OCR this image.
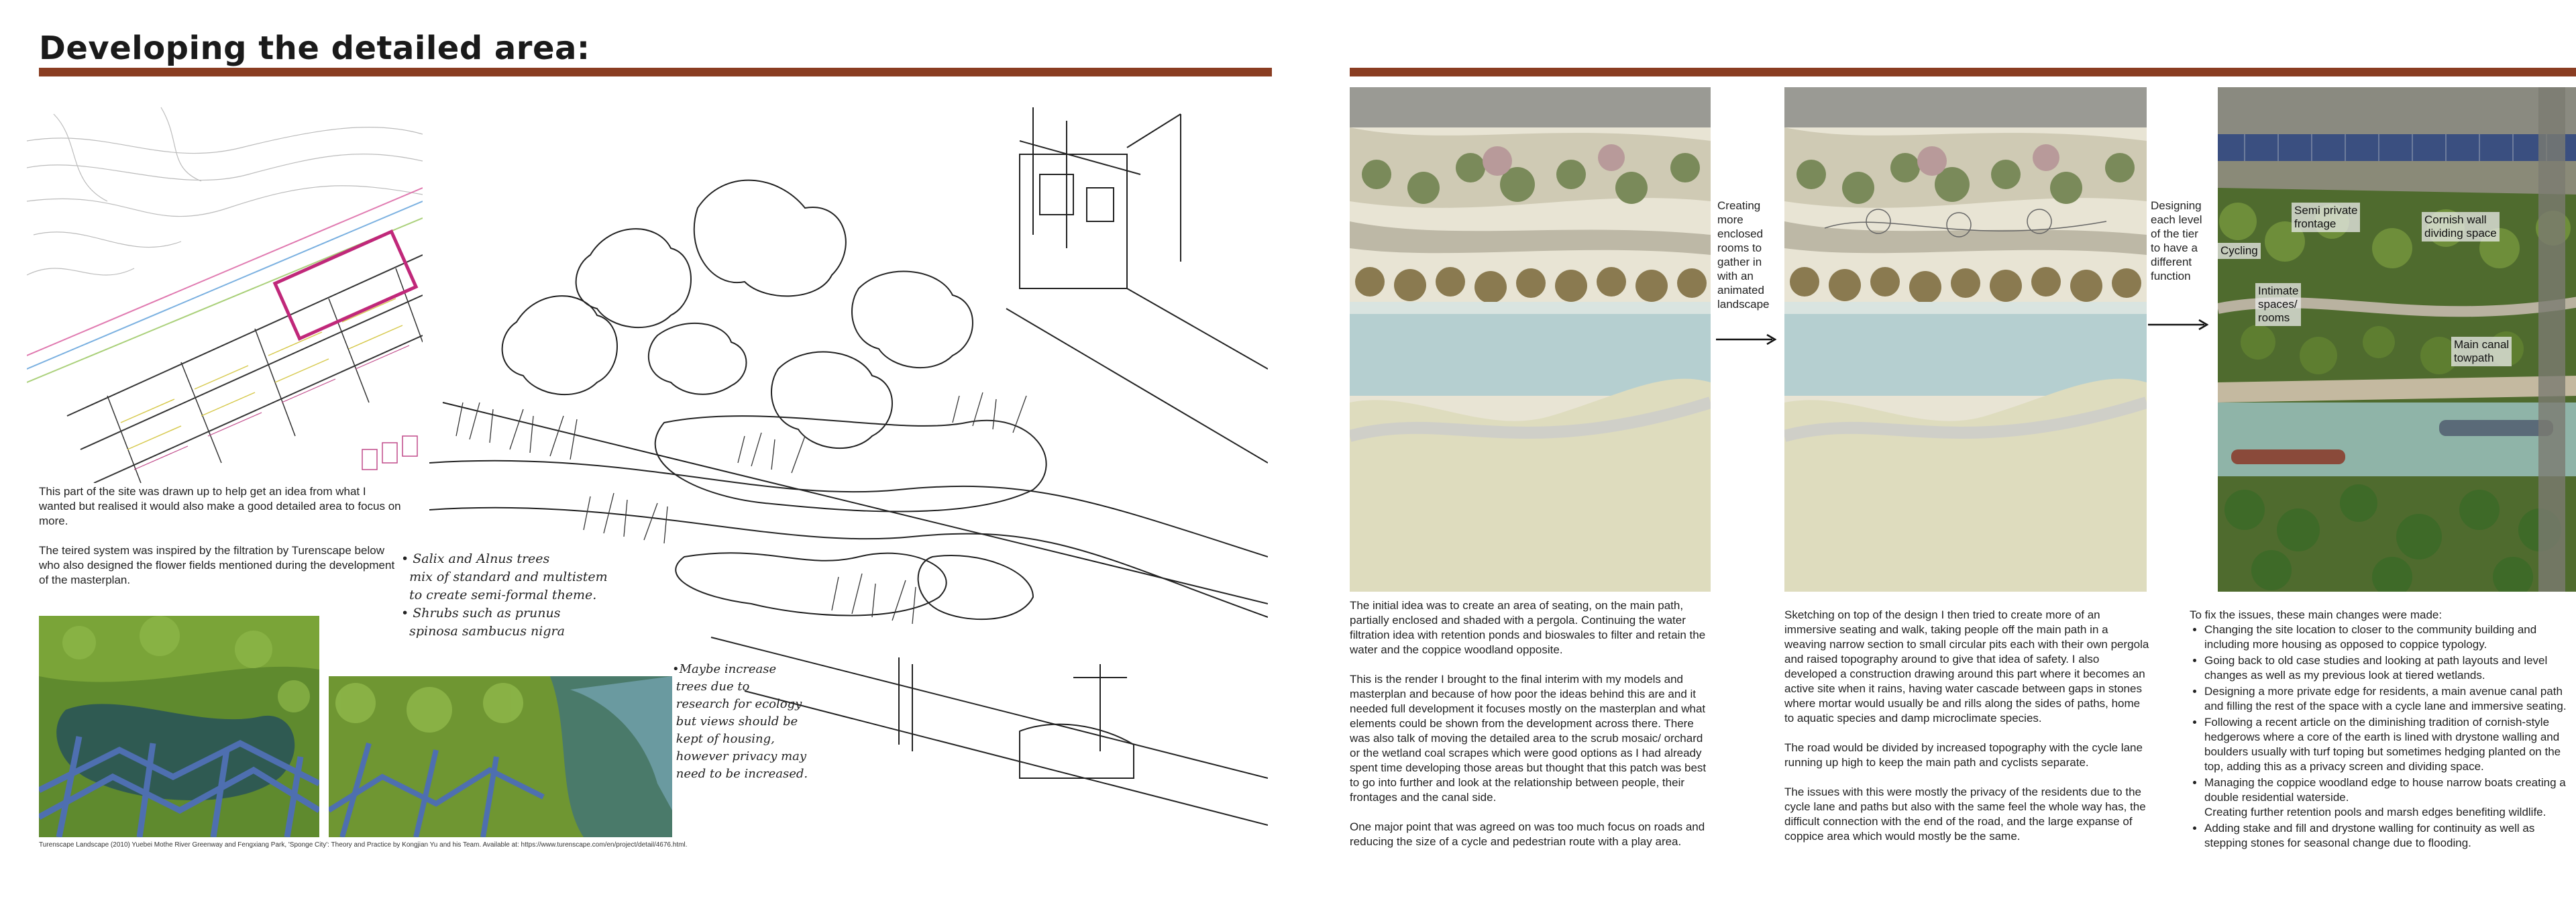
Developing the detailed area:

This part of the site was drawn up to help get an idea from what I wanted but realised it would also make a good detailed area to focus on more.

The teired system was inspired by the filtration by Turenscape below who also designed the flower fields mentioned during the development of the masterplan.

• Salix and Alnus trees
mix of standard and multistem
to create semi-formal theme.
• Shrubs such as prunus
spinosa sambucus nigra
•Maybe increase
trees due to
research for ecology
but views should be
kept of housing,
however privacy may
need to be increased.
Turenscape Landscape (2010) Yuebei Mothe River Greenway and Fengxiang Park, 'Sponge City': Theory and Practice by Kongjian Yu and his Team. Available at: https://www.turenscape.com/en/project/detail/4676.html.
Creating
more
enclosed
rooms to
gather in
with an
animated
landscape
Designing
each level
of the tier
to have a
different
function
Semi private
frontage	Cornish wall
dividing space
Cycling
Intimate
spaces/
rooms
Main canal
towpath

The initial idea was to create an area of seating, on the main path, partially enclosed and shaded with a pergola. Continuing the water filtration idea with retention ponds and bioswales to filter and retain the water and the coppice woodland opposite.

This is the render I brought to the final interim with my models and masterplan and because of how poor the ideas behind this are and it needed full development it focuses mostly on the masterplan and what elements could be shown from the development across there. There was also talk of moving the detailed area to the scrub mosaic/ orchard or the wetland coal scrapes which were good options as I had already spent time developing those areas but thought that this patch was best to go into further and look at the relationship between people, their frontages and the canal side.

One major point that was agreed on was too much focus on roads and reducing the size of a cycle and pedestrian route with a play area.

Sketching on top of the design I then tried to create more of an immersive seating and walk, taking people off the main path in a weaving narrow section to small circular pits each with their own pergola and raised topography around to give that idea of safety. I also developed a construction drawing around this part where it becomes an active site when it rains, having water cascade between gaps in stones where mortar would usually be and rills along the sides of paths, home to aquatic species and damp microclimate species.

The road would be divided by increased topography with the cycle lane running up high to keep the main path and cyclists separate.

The issues with this were mostly the privacy of the residents due to the cycle lane and paths but also with the same feel the whole way has, the difficult connection with the end of the road, and the large expanse of coppice area which would mostly be the same.

To fix the issues, these main changes were made:
• Changing the site location to closer to the community building and including more housing as opposed to coppice typology.
• Going back to old case studies and looking at path layouts and level changes as well as my previous look at tiered wetlands.
• Designing a more private edge for residents, a main avenue canal path and filling the rest of the space with a cycle lane and immersive seating.
• Following a recent article on the diminishing tradition of cornish-style hedgerows where a core of the earth is lined with drystone walling and boulders usually with turf toping but sometimes hedging planted on the top, adding this as a privacy screen and dividing space.
• Managing the coppice woodland edge to house narrow boats creating a double residential waterside.
Creating further retention pools and marsh edges benefiting wildlife.
• Adding stake and fill and drystone walling for continuity as well as stepping stones for seasonal change due to flooding.
